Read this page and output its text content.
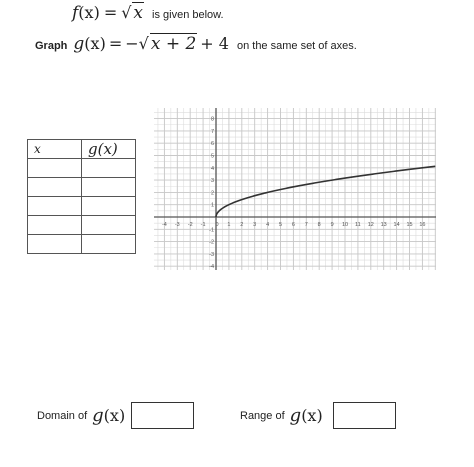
f (x) = √ x is given below.
Graph g (x) = − √ x + 2 + 4 on the same set of axes.
x	g(x)

-4 -3 -2 -1 0 1 2 3 4 5 6 7 8 9 10 11 12 13 14 15 16
8
7
6
5
4
3
2
1
-1
-2
-3
-4
Domain of g (x)	Range of g (x)
